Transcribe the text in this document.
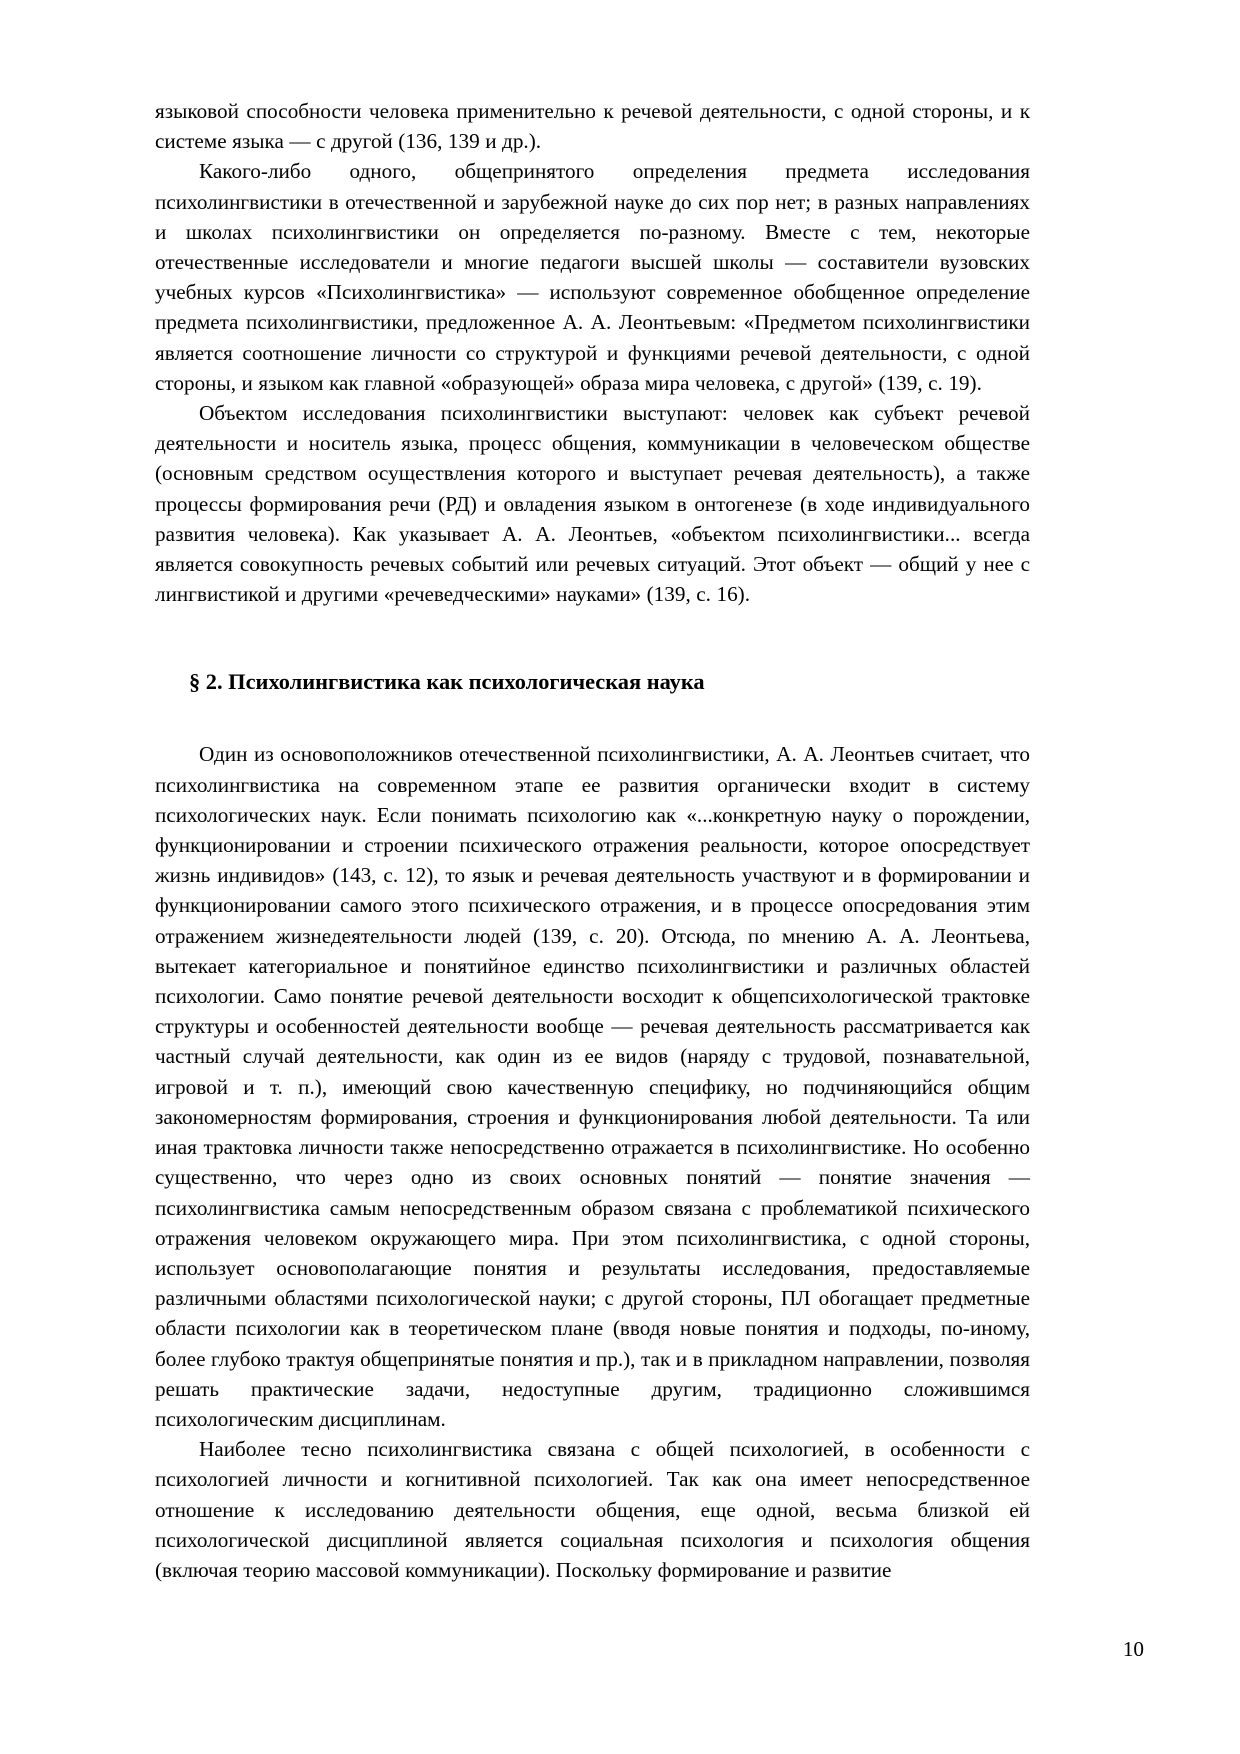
языковой способности человека применительно к речевой деятельности, с одной стороны, и к системе языка — с другой (136, 139 и др.).

Какого-либо одного, общепринятого определения предмета исследования психолингвистики в отечественной и зарубежной науке до сих пор нет; в разных направлениях и школах психолингвистики он определяется по-разному. Вместе с тем, некоторые отечественные исследователи и многие педагоги высшей школы — составители вузовских учебных курсов «Психолингвистика» — используют современное обобщенное определение предмета психолингвистики, предложенное А. А. Леонтьевым: «Предметом психолингвистики является соотношение личности со структурой и функциями речевой деятельности, с одной стороны, и языком как главной «образующей» образа мира человека, с другой» (139, с. 19).

Объектом исследования психолингвистики выступают: человек как субъект речевой деятельности и носитель языка, процесс общения, коммуникации в человеческом обществе (основным средством осуществления которого и выступает речевая деятельность), а также процессы формирования речи (РД) и овладения языком в онтогенезе (в ходе индивидуального развития человека). Как указывает А. А. Леонтьев, «объектом психолингвистики... всегда является совокупность речевых событий или речевых ситуаций. Этот объект — общий у нее с лингвистикой и другими «речеведческими» науками» (139, с. 16).

§ 2. Психолингвистика как психологическая наука

Один из основоположников отечественной психолингвистики, А. А. Леонтьев считает, что психолингвистика на современном этапе ее развития органически входит в систему психологических наук. Если понимать психологию как «...конкретную науку о порождении, функционировании и строении психического отражения реальности, которое опосредствует жизнь индивидов» (143, с. 12), то язык и речевая деятельность участвуют и в формировании и функционировании самого этого психического отражения, и в процессе опосредования этим отражением жизнедеятельности людей (139, с. 20). Отсюда, по мнению А. А. Леонтьева, вытекает категориальное и понятийное единство психолингвистики и различных областей психологии. Само понятие речевой деятельности восходит к общепсихологической трактовке структуры и особенностей деятельности вообще — речевая деятельность рассматривается как частный случай деятельности, как один из ее видов (наряду с трудовой, познавательной, игровой и т. п.), имеющий свою качественную специфику, но подчиняющийся общим закономерностям формирования, строения и функционирования любой деятельности. Та или иная трактовка личности также непосредственно отражается в психолингвистике. Но особенно существенно, что через одно из своих основных понятий — понятие значения — психолингвистика самым непосредственным образом связана с проблематикой психического отражения человеком окружающего мира. При этом психолингвистика, с одной стороны, использует основополагающие понятия и результаты исследования, предоставляемые различными областями психологической науки; с другой стороны, ПЛ обогащает предметные области психологии как в теоретическом плане (вводя новые понятия и подходы, по-иному, более глубоко трактуя общепринятые понятия и пр.), так и в прикладном направлении, позволяя решать практические задачи, недоступные другим, традиционно сложившимся психологическим дисциплинам.

Наиболее тесно психолингвистика связана с общей психологией, в особенности с психологией личности и когнитивной психологией. Так как она имеет непосредственное отношение к исследованию деятельности общения, еще одной, весьма близкой ей психологической дисциплиной является социальная психология и психология общения (включая теорию массовой коммуникации). Поскольку формирование и развитие

10
